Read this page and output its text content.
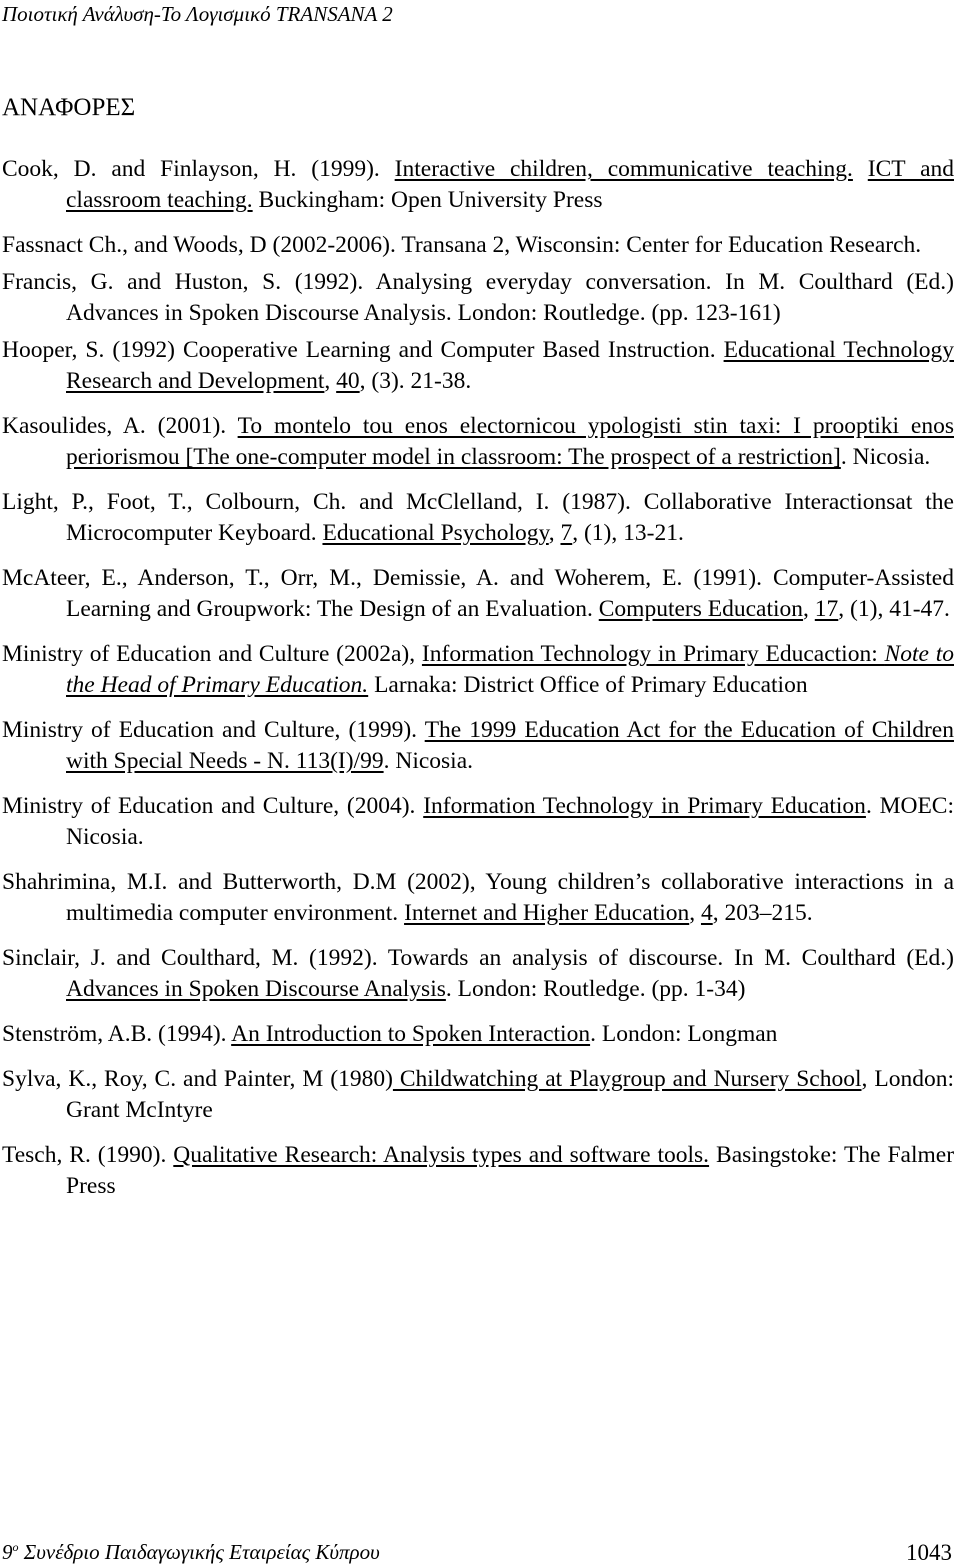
Ποιοτική Ανάλυση-Το Λογισμικό TRANSANA 2
ΑΝΑΦΟΡΕΣ

Cook, D. and Finlayson, H. (1999). Interactive children, communicative teaching. ICT and classroom teaching. Buckingham: Open University Press

Fassnact Ch., and Woods, D (2002-2006). Transana 2, Wisconsin: Center for Education Research.

Francis, G. and Huston, S. (1992). Analysing everyday conversation. In M. Coulthard (Ed.) Advances in Spoken Discourse Analysis. London: Routledge. (pp. 123-161)

Hooper, S. (1992) Cooperative Learning and Computer Based Instruction. Educational Technology Research and Development, 40, (3). 21-38.

Kasoulides, A. (2001). To montelo tou enos electornicou ypologisti stin taxi: I prooptiki enos periorismou [The one-computer model in classroom: The prospect of a restriction]. Nicosia.

Light, P., Foot, T., Colbourn, Ch. and McClelland, I. (1987). Collaborative Interactionsat the Microcomputer Keyboard. Educational Psychology, 7, (1), 13-21.

McAteer, E., Anderson, T., Orr, M., Demissie, A. and Woherem, E. (1991). Computer-Assisted Learning and Groupwork: The Design of an Evaluation. Computers Education, 17, (1), 41-47.

Ministry of Education and Culture (2002a), Information Technology in Primary Educaction: Note to the Head of Primary Education. Larnaka: District Office of Primary Education

Ministry of Education and Culture, (1999). The 1999 Education Act for the Education of Children with Special Needs - N. 113(I)/99. Nicosia.

Ministry of Education and Culture, (2004). Information Technology in Primary Education. MOEC: Nicosia.

Shahrimina, M.I. and Butterworth, D.M (2002), Young children’s collaborative interactions in a multimedia computer environment. Internet and Higher Education, 4, 203–215.

Sinclair, J. and Coulthard, M. (1992). Towards an analysis of discourse. In M. Coulthard (Ed.) Advances in Spoken Discourse Analysis. London: Routledge. (pp. 1-34)

Stenström, A.B. (1994). An Introduction to Spoken Interaction. London: Longman

Sylva, K., Roy, C. and Painter, M (1980) Childwatching at Playgroup and Nursery School, London: Grant McIntyre

Tesch, R. (1990). Qualitative Research: Analysis types and software tools. Basingstoke: The Falmer Press

$9^o$ Συνέδριο Παιδαγωγικής Εταιρείας Κύπρου	1043
